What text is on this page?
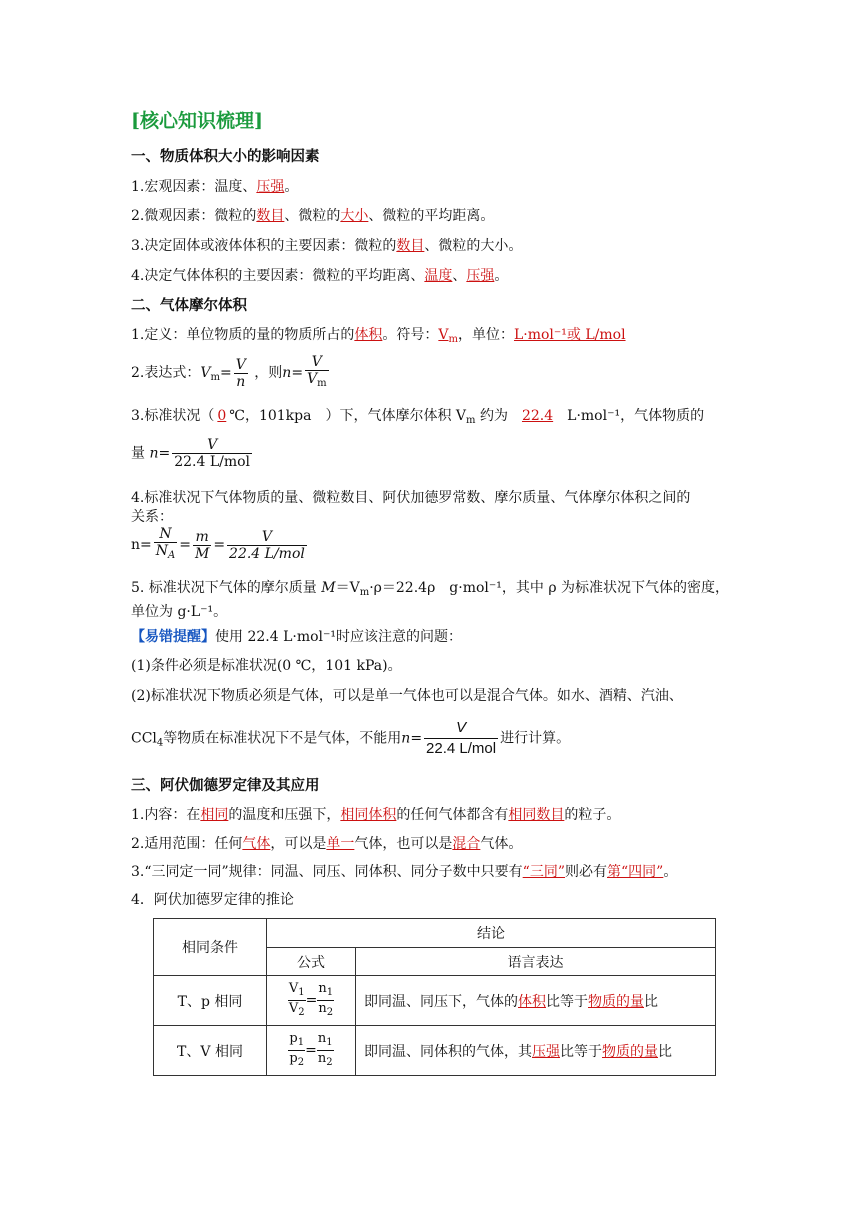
[核心知识梳理]
一、物质体积大小的影响因素
1.宏观因素：温度、压强。
2.微观因素：微粒的数目、微粒的大小、微粒的平均距离。
3.决定固体或液体体积的主要因素：微粒的数目、微粒的大小。
4.决定气体体积的主要因素：微粒的平均距离、温度、压强。
二、气体摩尔体积
1.定义：单位物质的量的物质所占的体积。符号：$V_m$，单位：L·mol⁻¹或 L/mol
2.表达式：$V_m= \frac{V}{n}$ ，则$n= \frac{V}{V_m}$
3.标准状况（ 0 ℃，101kpa　）下，气体摩尔体积 $V_m$ 约为 22.4 L·mol⁻¹，气体物质的
量 $n= \frac{V}{\text{22.4 L/mol}}$
4.标准状况下气体物质的量、微粒数目、阿伏加德罗常数、摩尔质量、气体摩尔体积之间的
关系：
$n= \frac{N}{N_A} = \frac{m}{M} = \frac{V}{\text{22.4 L/mol}}$
5. 标准状况下气体的摩尔质量 $M=V_m\cdot\rho=22.4\rho$　g·mol⁻¹，其中 ρ 为标准状况下气体的密度，
单位为 g·L⁻¹。
【易错提醒】使用 22.4 L·mol⁻¹时应该注意的问题：
(1)条件必须是标准状况(0 ℃，101 kPa)。
(2)标准状况下物质必须是气体，可以是单一气体也可以是混合气体。如水、酒精、汽油、
CCl$_4$等物质在标准状况下不是气体，不能用$n= \frac{V}{\text{22.4 L/mol}}$ 进行计算。
三、阿伏伽德罗定律及其应用
1.内容：在相同的温度和压强下，相同体积的任何气体都含有相同数目的粒子。
2.适用范围：任何气体，可以是单一气体，也可以是混合气体。
3.“三同定一同”规律：同温、同压、同体积、同分子数中只要有“三同”则必有第“四同”。
4．阿伏加德罗定律的推论
相同条件	结论	
	公式	语言表达
T、p 相同	$\frac{V_1}{V_2} = \frac{n_1}{n_2}$	即同温、同压下，气体的体积比等于物质的量比
T、V 相同	$\frac{p_1}{p_2} = \frac{n_1}{n_2}$	即同温、同体积的气体，其压强比等于物质的量比
